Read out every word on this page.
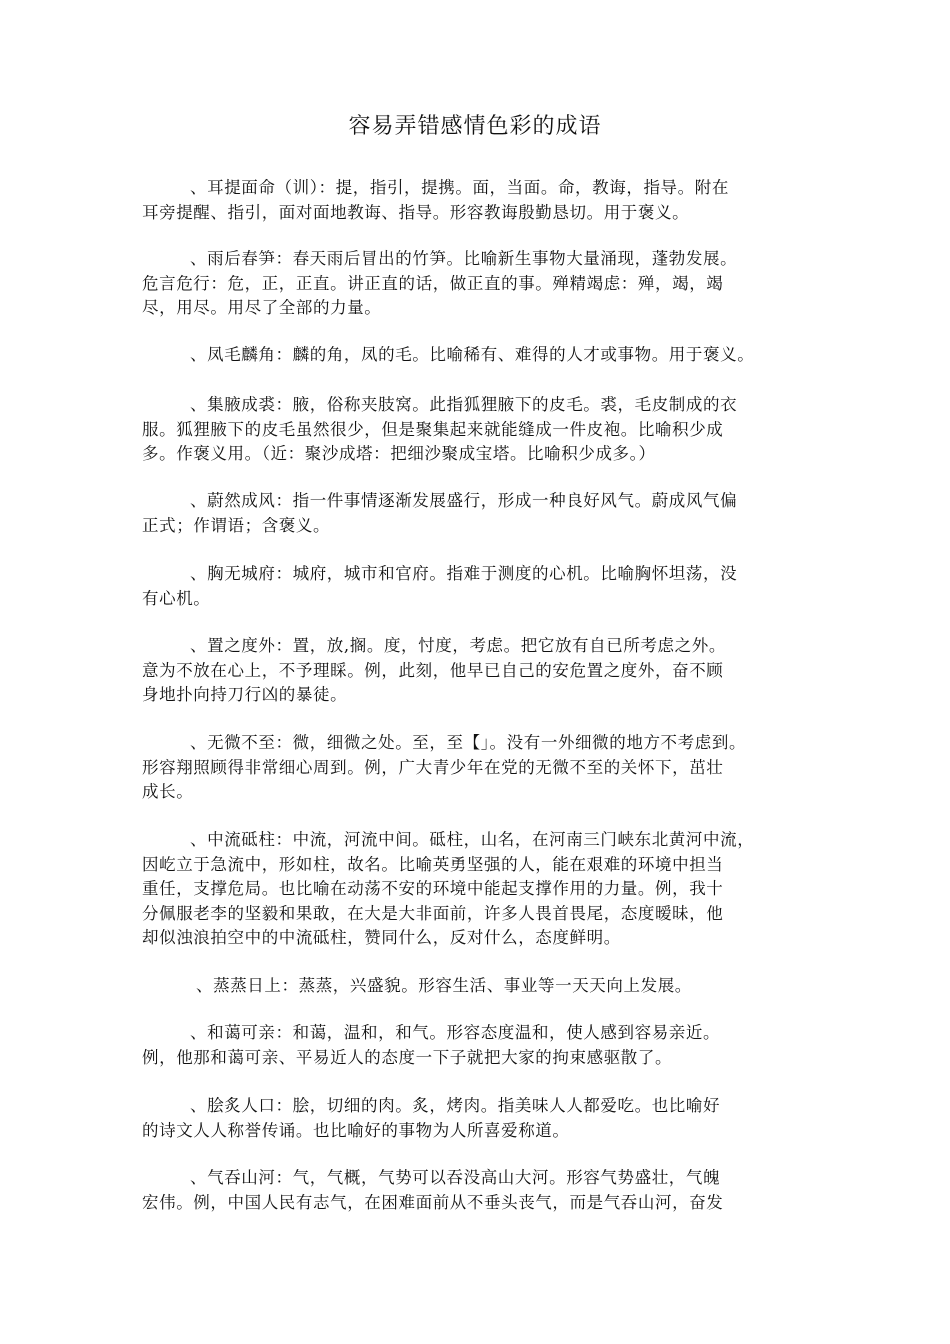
容易弄错感情色彩的成语
、耳提面命（训）：提，指引，提携。面，当面。命，教诲，指导。附在
耳旁提醒、指引，面对面地教诲、指导。形容教诲殷勤恳切。用于褒义。
、雨后春笋：春天雨后冒出的竹笋。比喻新生事物大量涌现，蓬勃发展。
危言危行：危，正，正直。讲正直的话，做正直的事。殚精竭虑：殚，竭，竭
尽，用尽。用尽了全部的力量。
、凤毛麟角：麟的角，凤的毛。比喻稀有、难得的人才或事物。用于褒义。
、集腋成裘：腋，俗称夹肢窝。此指狐狸腋下的皮毛。裘，毛皮制成的衣
服。狐狸腋下的皮毛虽然很少，但是聚集起来就能缝成一件皮袍。比喻积少成
多。作褒义用。（近：聚沙成塔：把细沙聚成宝塔。比喻积少成多。）
、蔚然成风：指一件事情逐渐发展盛行，形成一种良好风气。蔚成风气偏
正式；作谓语；含褒义。
、胸无城府：城府，城市和官府。指难于测度的心机。比喻胸怀坦荡，没
有心机。
、置之度外：置，放,搁。度，忖度，考虑。把它放有自已所考虑之外。
意为不放在心上，不予理睬。例，此刻，他早已自己的安危置之度外，奋不顾
身地扑向持刀行凶的暴徒。
、无微不至：微，细微之处。至，至【」。没有一外细微的地方不考虑到。
形容翔照顾得非常细心周到。例，广大青少年在党的无微不至的关怀下，茁壮
成长。
、中流砥柱：中流，河流中间。砥柱，山名，在河南三门峡东北黄河中流，
因屹立于急流中，形如柱，故名。比喻英勇坚强的人，能在艰难的环境中担当
重任，支撑危局。也比喻在动荡不安的环境中能起支撑作用的力量。例，我十
分佩服老李的坚毅和果敢，在大是大非面前，许多人畏首畏尾，态度暧昧，他
却似浊浪拍空中的中流砥柱，赞同什么，反对什么，态度鲜明。
、蒸蒸日上：蒸蒸，兴盛貌。形容生活、事业等一天天向上发展。
、和蔼可亲：和蔼，温和，和气。形容态度温和，使人感到容易亲近。
例，他那和蔼可亲、平易近人的态度一下子就把大家的拘束感驱散了。
、脍炙人口：脍，切细的肉。炙，烤肉。指美味人人都爱吃。也比喻好
的诗文人人称誉传诵。也比喻好的事物为人所喜爱称道。
、气吞山河：气，气概，气势可以吞没高山大河。形容气势盛壮，气魄
宏伟。例，中国人民有志气，在困难面前从不垂头丧气，而是气吞山河，奋发
